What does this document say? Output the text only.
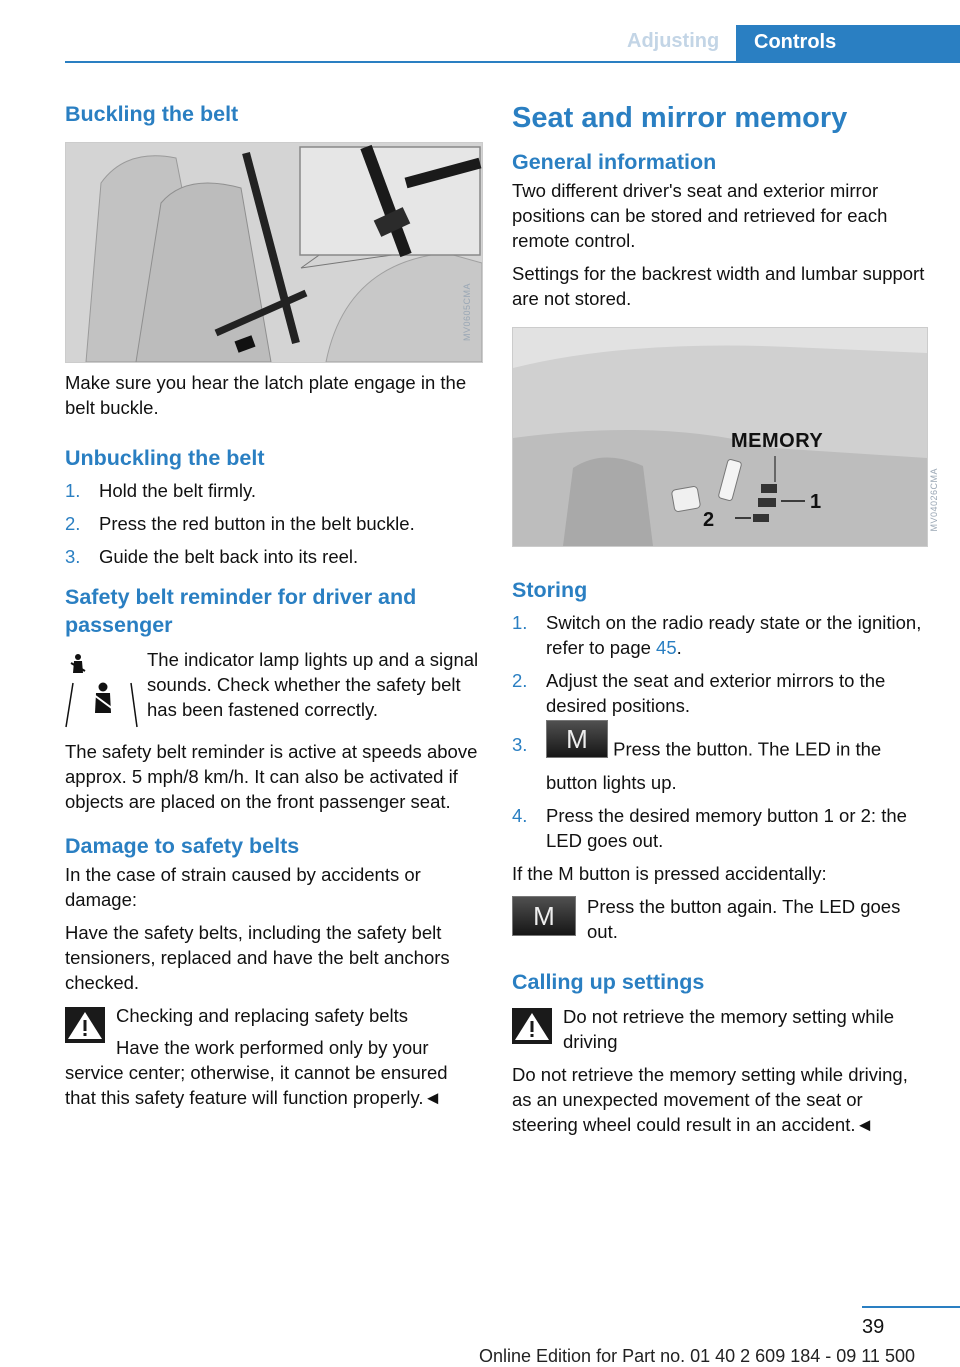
Adjusting	Controls
Buckling the belt
MV0605CMA

Make sure you hear the latch plate engage in the belt buckle.

Unbuckling the belt
1. Hold the belt firmly.
2. Press the red button in the belt buckle.
3. Guide the belt back into its reel.
Safety belt reminder for driver and passenger
The indicator lamp lights up and a signal sounds. Check whether the safety belt has been fastened correctly.

The safety belt reminder is active at speeds above approx. 5 mph/8 km/h. It can also be activated if objects are placed on the front passenger seat.

Damage to safety belts

In the case of strain caused by accidents or damage:

Have the safety belts, including the safety belt tensioners, replaced and have the belt anchors checked.

Checking and replacing safety belts
Have the work performed only by your service center; otherwise, it cannot be ensured that this safety feature will function properly.◄
Seat and mirror memory
General information

Two different driver's seat and exterior mirror positions can be stored and retrieved for each remote control.

Settings for the backrest width and lumbar support are not stored.

MEMORY
1
2	MV04026CMA
Storing
1. Switch on the radio ready state or the ignition, refer to page 45.
2. Adjust the seat and exterior mirrors to the desired positions.
3. M Press the button. The LED in the button lights up.
4. Press the desired memory button 1 or 2: the LED goes out.

If the M button is pressed accidentally:

M	Press the button again. The LED goes out.
Calling up settings
Do not retrieve the memory setting while driving

Do not retrieve the memory setting while driving, as an unexpected movement of the seat or steering wheel could result in an accident.◄

39
Online Edition for Part no. 01 40 2 609 184 - 09 11 500
